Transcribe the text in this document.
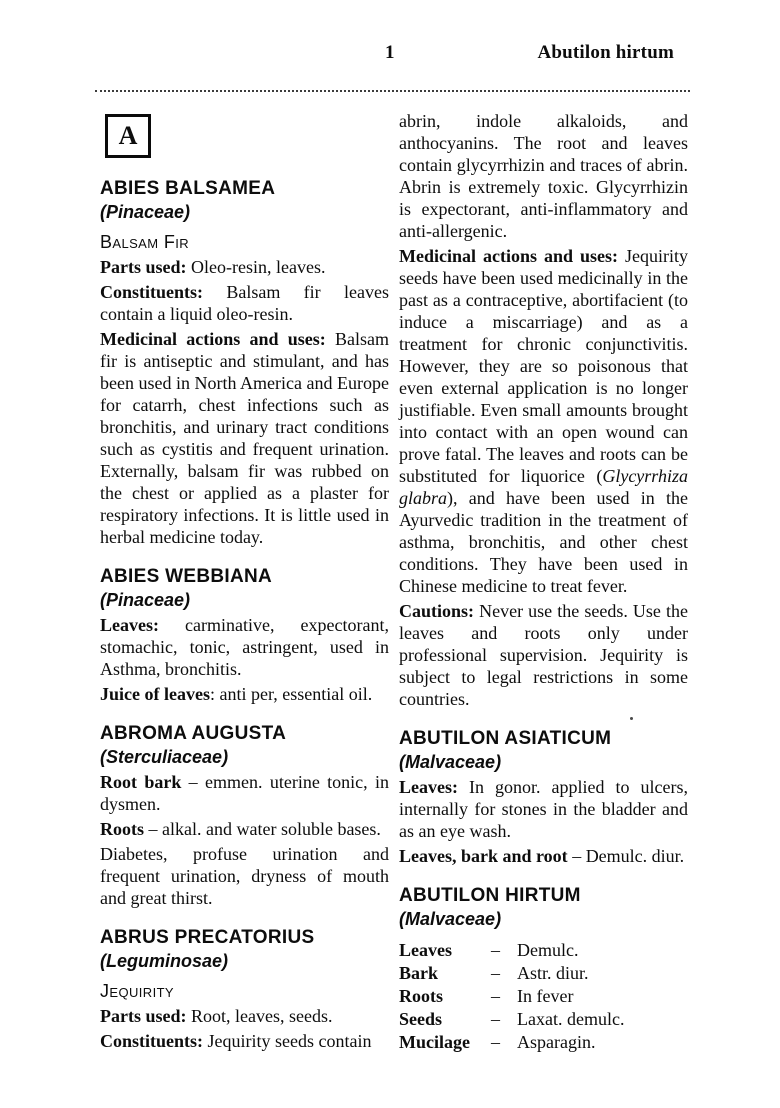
1	Abutilon hirtum
A
ABIES BALSAMEA
(Pinaceae)
Balsam Fir

Parts used: Oleo-resin, leaves.

Constituents: Balsam fir leaves contain a liquid oleo-resin.

Medicinal actions and uses: Balsam fir is antiseptic and stimulant, and has been used in North America and Europe for catarrh, chest infections such as bronchitis, and urinary tract conditions such as cystitis and frequent urination. Externally, balsam fir was rubbed on the chest or applied as a plaster for respiratory infections. It is little used in herbal medicine today.

ABIES WEBBIANA
(Pinaceae)

Leaves: carminative, expectorant, stomachic, tonic, astringent, used in Asthma, bronchitis.

Juice of leaves: anti per, essential oil.

ABROMA AUGUSTA
(Sterculiaceae)

Root bark – emmen. uterine tonic, in dysmen.

Roots – alkal. and water soluble bases.

Diabetes, profuse urination and frequent urination, dryness of mouth and great thirst.

ABRUS PRECATORIUS
(Leguminosae)
Jequirity

Parts used: Root, leaves, seeds.

Constituents: Jequirity seeds contain

abrin, indole alkaloids, and anthocyanins. The root and leaves contain glycyrrhizin and traces of abrin. Abrin is extremely toxic. Glycyrrhizin is expectorant, anti-inflammatory and anti-allergenic.

Medicinal actions and uses: Jequirity seeds have been used medicinally in the past as a contraceptive, abortifacient (to induce a miscarriage) and as a treatment for chronic conjunctivitis. However, they are so poisonous that even external application is no longer justifiable. Even small amounts brought into contact with an open wound can prove fatal. The leaves and roots can be substituted for liquorice (Glycyrrhiza glabra), and have been used in the Ayurvedic tradition in the treatment of asthma, bronchitis, and other chest conditions. They have been used in Chinese medicine to treat fever.

Cautions: Never use the seeds. Use the leaves and roots only under professional supervision. Jequirity is subject to legal restrictions in some countries.

ABUTILON ASIATICUM
(Malvaceae)

Leaves: In gonor. applied to ulcers, internally for stones in the bladder and as an eye wash.

Leaves, bark and root – Demulc. diur.

ABUTILON HIRTUM
(Malvaceae)
Leaves	– Demulc.
Bark	– Astr. diur.
Roots	– In fever
Seeds	– Laxat. demulc.
Mucilage	– Asparagin.
